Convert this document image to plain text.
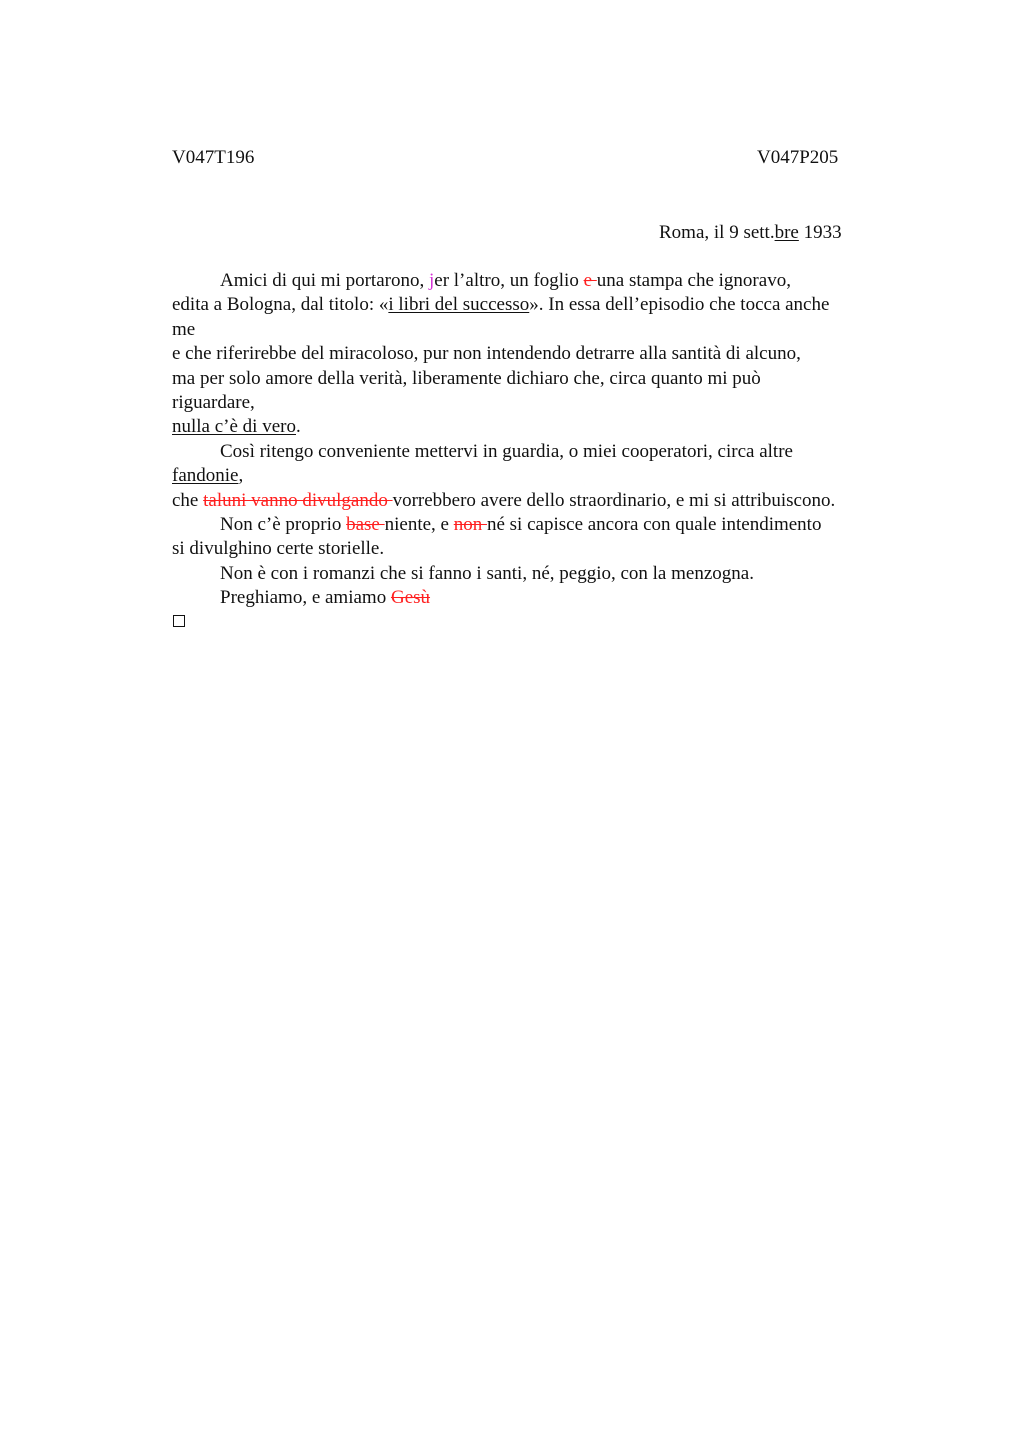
V047T196	V047P205
Roma, il 9 sett.bre 1933
Amici di qui mi portarono, jer l’altro, un foglio e una stampa che ignoravo,
edita a Bologna, dal titolo: «i libri del successo». In essa dell’episodio che tocca anche
me
e che riferirebbe del miracoloso, pur non intendendo detrarre alla santità di alcuno,
ma per solo amore della verità, liberamente dichiaro che, circa quanto mi può
riguardare,
nulla c’è di vero.
Così ritengo conveniente mettervi in guardia, o miei cooperatori, circa altre
fandonie,
che taluni vanno divulgando vorrebbero avere dello straordinario, e mi si attribuiscono.
Non c’è proprio base niente, e non né si capisce ancora con quale intendimento
si divulghino certe storielle.
Non è con i romanzi che si fanno i santi, né, peggio, con la menzogna.
Preghiamo, e amiamo Gesù
